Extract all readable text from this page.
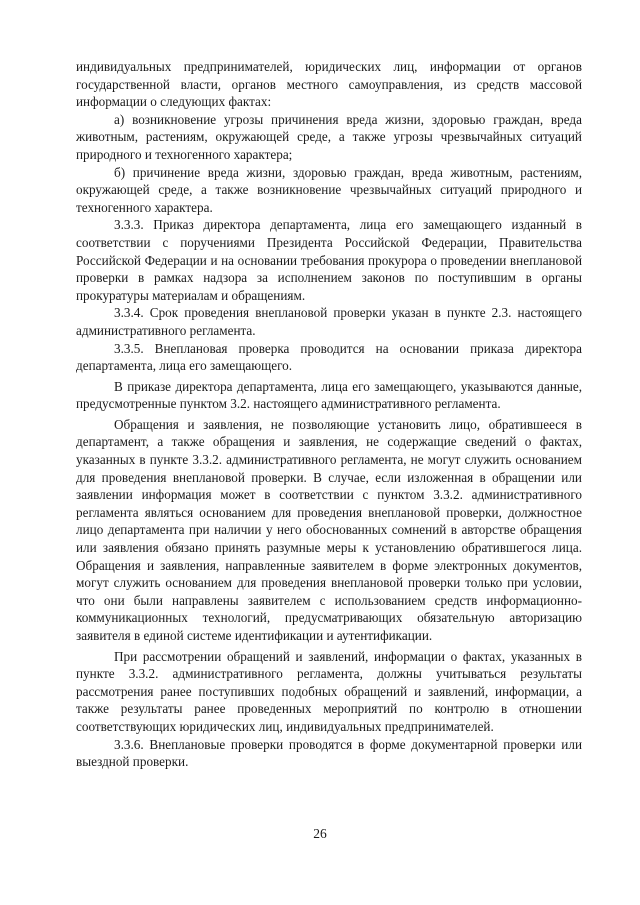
индивидуальных предпринимателей, юридических лиц, информации от органов государственной власти, органов местного самоуправления, из средств массовой информации о следующих фактах:

а) возникновение угрозы причинения вреда жизни, здоровью граждан, вреда животным, растениям, окружающей среде, а также угрозы чрезвычайных ситуаций природного и техногенного характера;

б) причинение вреда жизни, здоровью граждан, вреда животным, растениям, окружающей среде, а также возникновение чрезвычайных ситуаций природного и техногенного характера.

3.3.3. Приказ директора департамента, лица его замещающего изданный в соответствии с поручениями Президента Российской Федерации, Правительства Российской Федерации и на основании требования прокурора о проведении внеплановой проверки в рамках надзора за исполнением законов по поступившим в органы прокуратуры материалам и обращениям.

3.3.4. Срок проведения внеплановой проверки указан в пункте 2.3. настоящего административного регламента.

3.3.5. Внеплановая проверка проводится на основании приказа директора департамента, лица его замещающего.

В приказе директора департамента, лица его замещающего, указываются данные, предусмотренные пунктом 3.2. настоящего административного регламента.

Обращения и заявления, не позволяющие установить лицо, обратившееся в департамент, а также обращения и заявления, не содержащие сведений о фактах, указанных в пункте 3.3.2. административного регламента, не могут служить основанием для проведения внеплановой проверки. В случае, если изложенная в обращении или заявлении информация может в соответствии с пунктом 3.3.2. административного регламента являться основанием для проведения внеплановой проверки, должностное лицо департамента при наличии у него обоснованных сомнений в авторстве обращения или заявления обязано принять разумные меры к установлению обратившегося лица. Обращения и заявления, направленные заявителем в форме электронных документов, могут служить основанием для проведения внеплановой проверки только при условии, что они были направлены заявителем с использованием средств информационно-коммуникационных технологий, предусматривающих обязательную авторизацию заявителя в единой системе идентификации и аутентификации.

При рассмотрении обращений и заявлений, информации о фактах, указанных в пункте 3.3.2. административного регламента, должны учитываться результаты рассмотрения ранее поступивших подобных обращений и заявлений, информации, а также результаты ранее проведенных мероприятий по контролю в отношении соответствующих юридических лиц, индивидуальных предпринимателей.

3.3.6. Внеплановые проверки проводятся в форме документарной проверки или выездной проверки.

26
